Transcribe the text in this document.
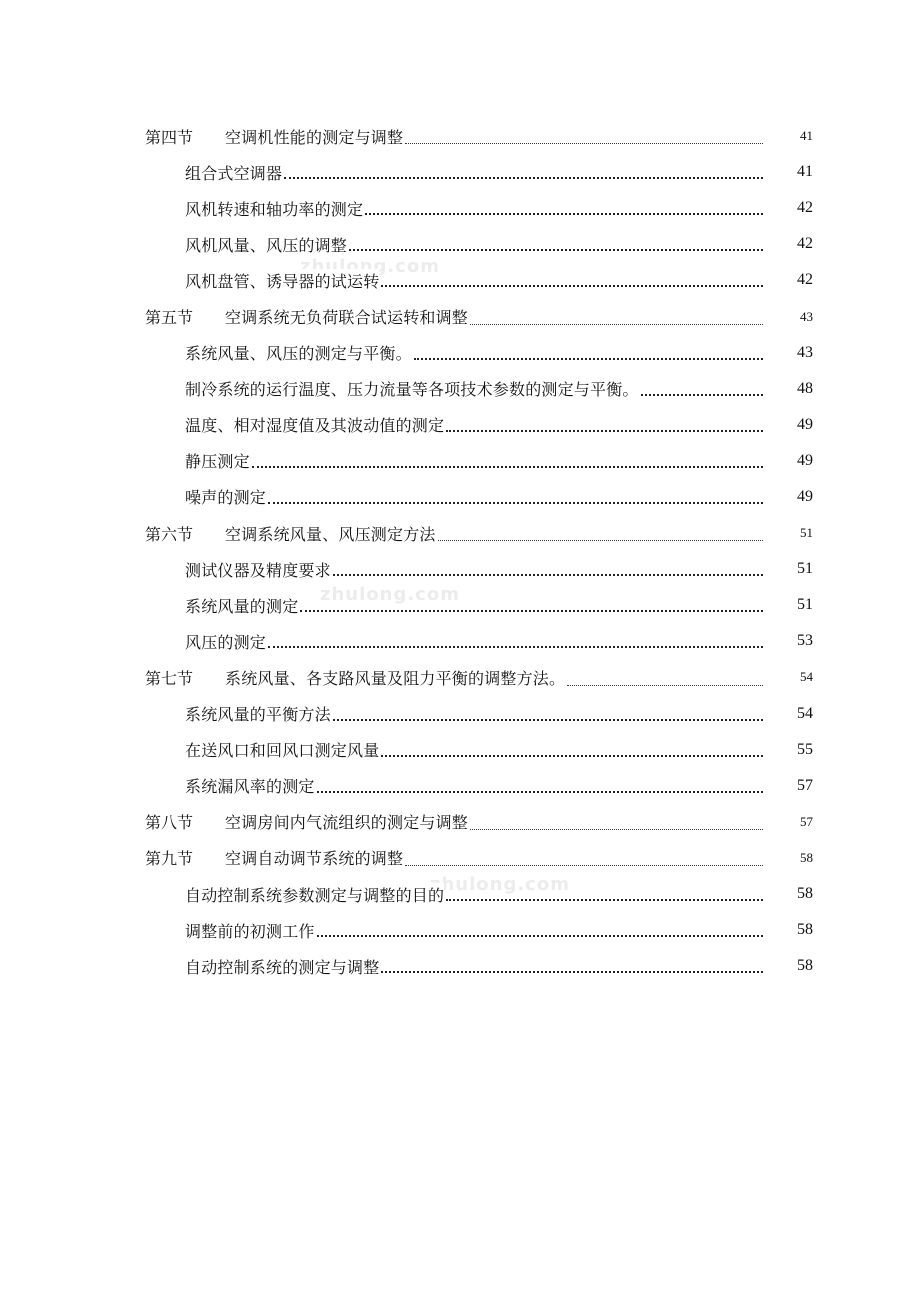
第四节	空调机性能的测定与调整	41
组合式空调器	41
风机转速和轴功率的测定	42
风机风量、风压的调整	42
风机盘管、诱导器的试运转	42
第五节	空调系统无负荷联合试运转和调整	43
系统风量、风压的测定与平衡。	43
制冷系统的运行温度、压力流量等各项技术参数的测定与平衡。	48
温度、相对湿度值及其波动值的测定	49
静压测定	49
噪声的测定	49
第六节	空调系统风量、风压测定方法	51
测试仪器及精度要求	51
系统风量的测定	51
风压的测定	53
第七节	系统风量、各支路风量及阻力平衡的调整方法。	54
系统风量的平衡方法	54
在送风口和回风口测定风量	55
系统漏风率的测定	57
第八节	空调房间内气流组织的测定与调整	57
第九节	空调自动调节系统的调整	58
自动控制系统参数测定与调整的目的	58
调整前的初测工作	58
自动控制系统的测定与调整	58
zhulong.com
zhulong.com
zhulong.com
